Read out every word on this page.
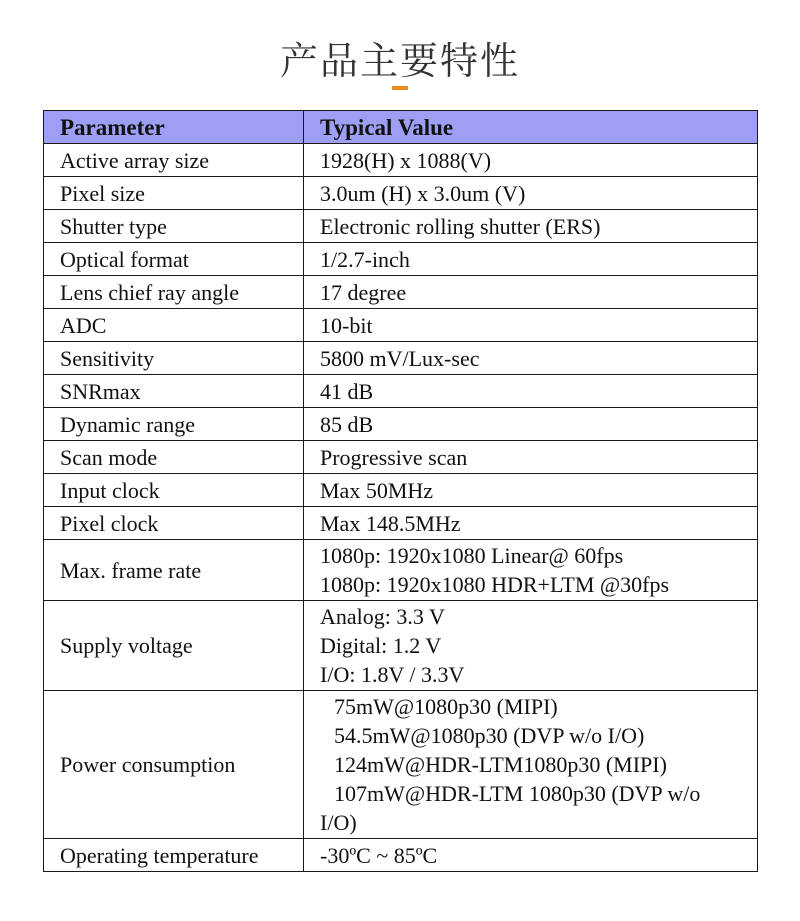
产品主要特性
Parameter	Typical Value
Active array size	1928(H) x 1088(V)
Pixel size	3.0um (H) x 3.0um (V)
Shutter type	Electronic rolling shutter (ERS)
Optical format	1/2.7-inch
Lens chief ray angle	17 degree
ADC	10-bit
Sensitivity	5800 mV/Lux-sec
SNRmax	41 dB
Dynamic range	85 dB
Scan mode	Progressive scan
Input clock	Max 50MHz
Pixel clock	Max 148.5MHz
Max. frame rate	1080p: 1920x1080 Linear@ 60fps
1080p: 1920x1080 HDR+LTM @30fps

Supply voltage	Analog: 3.3 V
Digital: 1.2 V
I/O: 1.8V / 3.3V

Power consumption	75mW@1080p30 (MIPI)
54.5mW@1080p30 (DVP w/o I/O)
124mW@HDR-LTM1080p30 (MIPI)
107mW@HDR-LTM 1080p30 (DVP w/o
I/O)

Operating temperature	-30ºC ~ 85ºC
